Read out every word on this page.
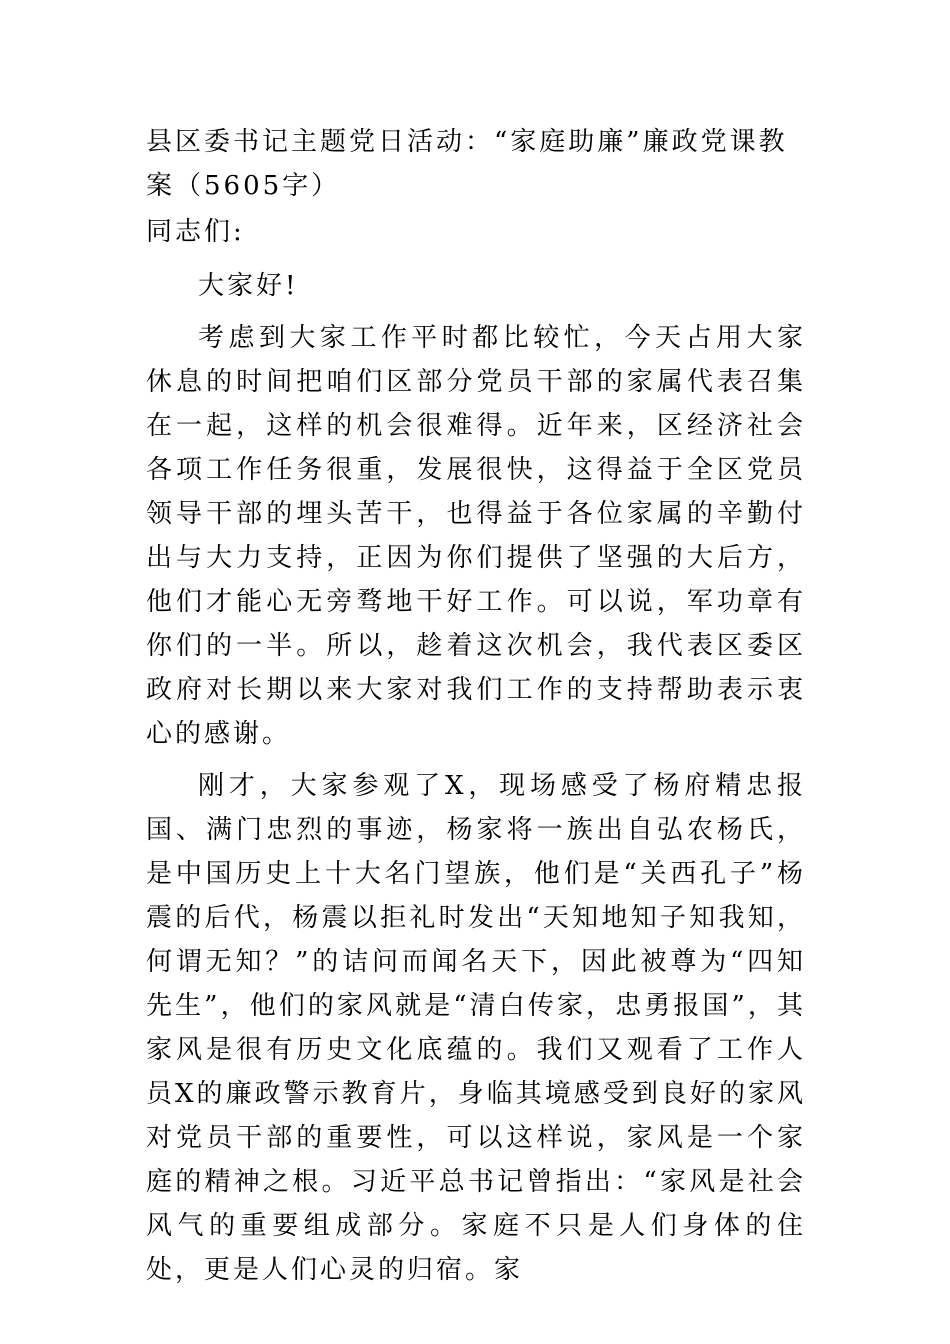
县区委书记主题党日活动：“家庭助廉”廉政党课教案（5605字）

同志们:

大家好!

考虑到大家工作平时都比较忙，今天占用大家休息的时间把咱们区部分党员干部的家属代表召集在一起，这样的机会很难得。近年来，区经济社会各项工作任务很重，发展很快，这得益于全区党员领导干部的埋头苦干，也得益于各位家属的辛勤付出与大力支持，正因为你们提供了坚强的大后方，他们才能心无旁骛地干好工作。可以说，军功章有你们的一半。所以，趁着这次机会，我代表区委区政府对长期以来大家对我们工作的支持帮助表示衷心的感谢。

刚才，大家参观了X，现场感受了杨府精忠报国、满门忠烈的事迹，杨家将一族出自弘农杨氏，是中国历史上十大名门望族，他们是“关西孔子”杨震的后代，杨震以拒礼时发出“天知地知子知我知，何谓无知？”的诘问而闻名天下，因此被尊为“四知先生”，他们的家风就是“清白传家，忠勇报国”，其家风是很有历史文化底蕴的。我们又观看了工作人员X的廉政警示教育片，身临其境感受到良好的家风对党员干部的重要性，可以这样说，家风是一个家庭的精神之根。习近平总书记曾指出：“家风是社会风气的重要组成部分。家庭不只是人们身体的住处，更是人们心灵的归宿。家
